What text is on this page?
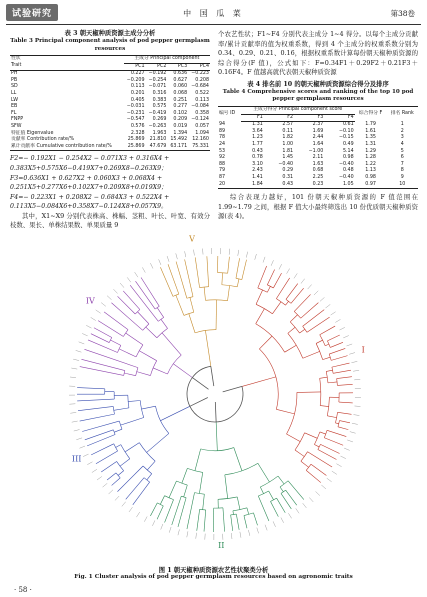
试验研究	中 国 瓜 菜	第38卷
表 3 朝天椒种质资源主成分分析
Table 3 Principal component analysis of pod pepper germplasm resources
性状	主成分 Principal component			
Trait	PC1	PC2	PC3	PC4
PH	0.227	−0.192	0.636	−0.223
PB	−0.209	−0.254	0.627	0.208
SD	0.113	−0.071	0.060	−0.684
LL	0.201	0.316	0.068	0.522
LW	0.405	0.383	0.251	0.113
EB	−0.031	0.575	0.277	−0.084
FL	−0.231	−0.419	0.102	0.358
FNPP	−0.547	0.269	0.209	−0.124
SFW	0.576	−0.263	0.019	0.057
特征值 Eigenvalue	2.328	1.963	1.394	1.094
贡献率 Contribution rate/%	25.869	21.810	15.492	12.160
累计贡献率 Cumulative contribution rate/%	25.869	47.679	63.171	75.331

F2=− 0.192X1 − 0.254X2 − 0.071X3 + 0.316X4 +

0.383X5+0.575X6−0.419X7+0.269X8−0.263X9；

F3=0.636X1 + 0.627X2 + 0.060X3 + 0.068X4 +

0.251X5+0.277X6+0.102X7+0.209X8+0.019X9；

F4=− 0.223X1 + 0.208X2 − 0.684X3 + 0.522X4 +

0.113X5−0.084X6+0.358X7−0.124X8+0.057X9。

其中，X1~X9 分别代表株高、株幅、茎粗、叶长、叶宽、有效分枝数、果长、单株结果数、单果质量 9

个农艺性状；F1~F4 分别代表主成分 1~4 得分。以每个主成分贡献率/累计贡献率的值为权重系数，得到 4 个主成分的权重系数分别为 0.34、0.29、0.21、0.16，根据权重系数计算每份朝天椒种质资源的综合得分(F 值)，公式如下：F=0.34F1＋0.29F2＋0.21F3＋0.16F4。F 值越高就代表朝天椒种质资源

表 4 排名前 10 的朝天椒种质资源综合得分及排序
Table 4 Comprehensive scores and ranking of the top 10 pod pepper germplasm resources
编号 ID	主成分得分 Principal component score				综合得分 F	排名 Rank
	F1	F2	F3	F4		
94	1.31	2.57	2.37	0.61	1.79	1
89	3.64	0.11	1.69	−0.10	1.61	2
78	1.23	1.82	2.44	−0.15	1.35	3
24	1.77	1.00	1.64	0.49	1.31	4
53	0.43	1.81	−1.00	5.14	1.29	5
92	0.78	1.45	2.11	0.98	1.28	6
88	3.10	−0.40	1.63	−0.40	1.22	7
79	2.43	0.29	0.68	0.48	1.13	8
87	1.41	0.31	2.25	−0.40	0.98	9
20	1.84	0.43	0.23	1.05	0.97	10

综合表现力越好，101 份朝天椒种质资源的 F 值范围在 1.99~1.79 之间，根据 F 值大小最终筛选出 10 份优质朝天椒种质资源(表 4)。

I
II
III
IV
V
图 1 朝天椒种质资源农艺性状聚类分析
Fig. 1 Cluster analysis of pod pepper germplasm resources based on agronomic traits
· 58 ·
